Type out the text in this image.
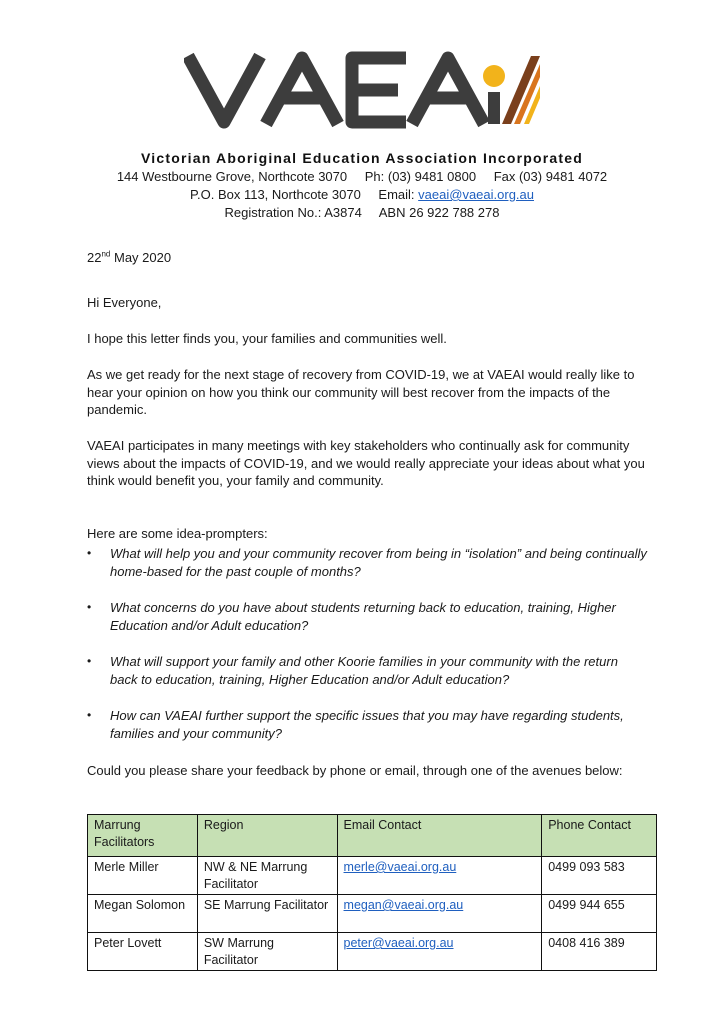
Victorian Aboriginal Education Association Incorporated
144 Westbourne Grove, Northcote 3070 Ph: (03) 9481 0800 Fax (03) 9481 4072
P.O. Box 113, Northcote 3070 Email: vaeai@vaeai.org.au
Registration No.: A3874 ABN 26 922 788 278
22nd May 2020
Hi Everyone,
I hope this letter finds you, your families and communities well.
As we get ready for the next stage of recovery from COVID-19, we at VAEAI would really like to hear your opinion on how you think our community will best recover from the impacts of the pandemic.
VAEAI participates in many meetings with key stakeholders who continually ask for community views about the impacts of COVID-19, and we would really appreciate your ideas about what you think would benefit you, your family and community.
Here are some idea-prompters:
• What will help you and your community recover from being in “isolation” and being continually home-based for the past couple of months?
• What concerns do you have about students returning back to education, training, Higher Education and/or Adult education?
• What will support your family and other Koorie families in your community with the return back to education, training, Higher Education and/or Adult education?
• How can VAEAI further support the specific issues that you may have regarding students, families and your community?
Could you please share your feedback by phone or email, through one of the avenues below:
Marrung Facilitators	Region	Email Contact	Phone Contact
Merle Miller	NW & NE Marrung Facilitator	merle@vaeai.org.au	0499 093 583
Megan Solomon	SE Marrung Facilitator	megan@vaeai.org.au	0499 944 655
Peter Lovett	SW Marrung Facilitator	peter@vaeai.org.au	0408 416 389
